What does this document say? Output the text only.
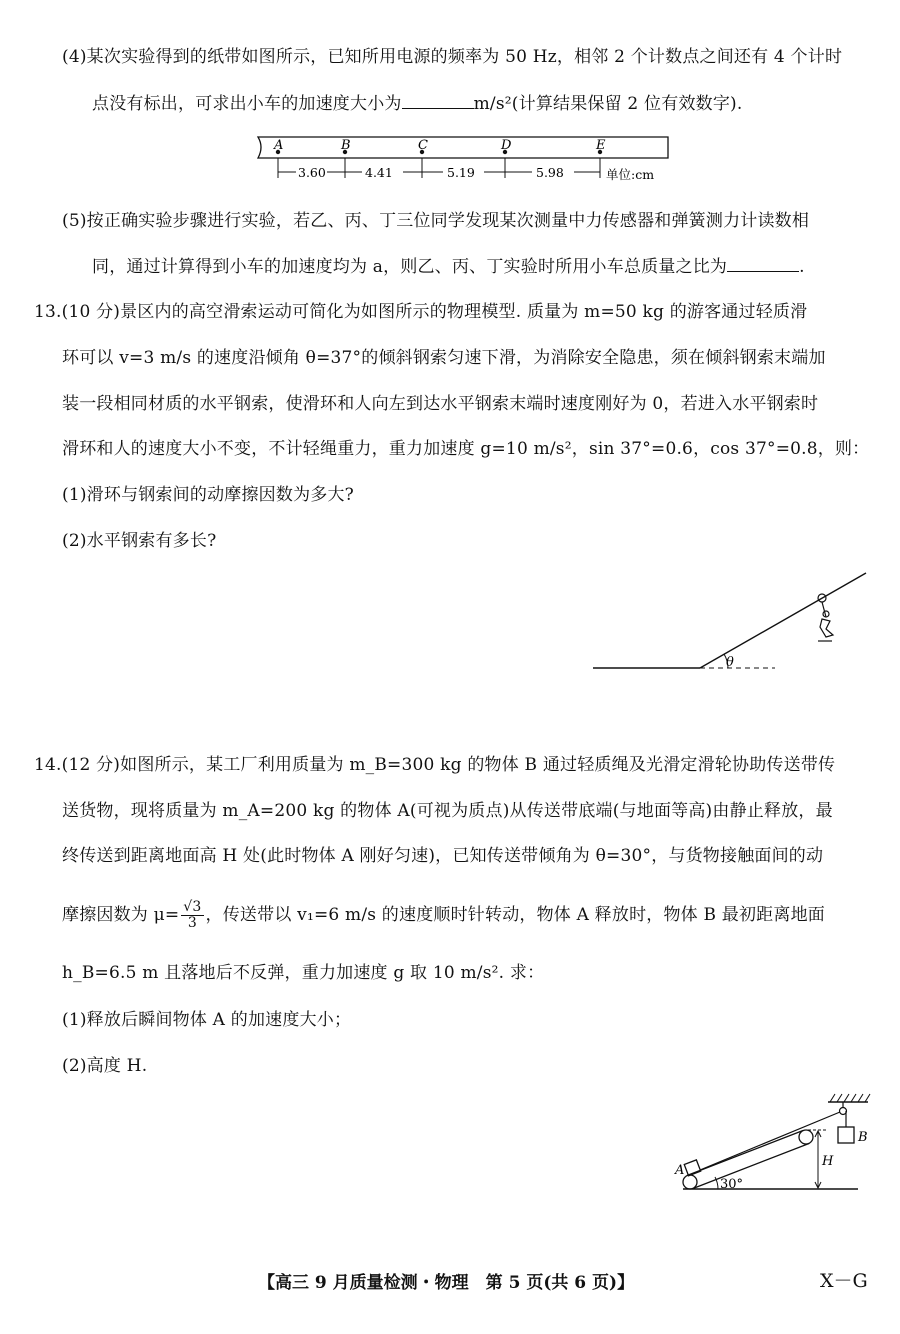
(4)某次实验得到的纸带如图所示，已知所用电源的频率为 50 Hz，相邻 2 个计数点之间还有 4 个计时
点没有标出，可求出小车的加速度大小为	m/s²(计算结果保留 2 位有效数字).
A	B	C	D	E
3.60	4.41	5.19	5.98	单位:cm
(5)按正确实验步骤进行实验，若乙、丙、丁三位同学发现某次测量中力传感器和弹簧测力计读数相
同，通过计算得到小车的加速度均为 a，则乙、丙、丁实验时所用小车总质量之比为	.
13.(10 分)景区内的高空滑索运动可简化为如图所示的物理模型. 质量为 m=50 kg 的游客通过轻质滑
环可以 v=3 m/s 的速度沿倾角 θ=37°的倾斜钢索匀速下滑，为消除安全隐患，须在倾斜钢索末端加
装一段相同材质的水平钢索，使滑环和人向左到达水平钢索末端时速度刚好为 0，若进入水平钢索时
滑环和人的速度大小不变，不计轻绳重力，重力加速度 g=10 m/s²，sin 37°=0.6，cos 37°=0.8，则：
(1)滑环与钢索间的动摩擦因数为多大?
(2)水平钢索有多长?
θ
14.(12 分)如图所示，某工厂利用质量为 m_B=300 kg 的物体 B 通过轻质绳及光滑定滑轮协助传送带传
送货物，现将质量为 m_A=200 kg 的物体 A(可视为质点)从传送带底端(与地面等高)由静止释放，最
终传送到距离地面高 H 处(此时物体 A 刚好匀速)，已知传送带倾角为 θ=30°，与货物接触面间的动
摩擦因数为 $\mu= \frac{√3}{3}$ ，传送带以 v₁=6 m/s 的速度顺时针转动，物体 A 释放时，物体 B 最初距离地面
h_B=6.5 m 且落地后不反弹，重力加速度 g 取 10 m/s². 求：
(1)释放后瞬间物体 A 的加速度大小；
(2)高度 H.
B
A
30°
H
【高三 9 月质量检测・物理　第 5 页(共 6 页)】	X－G
